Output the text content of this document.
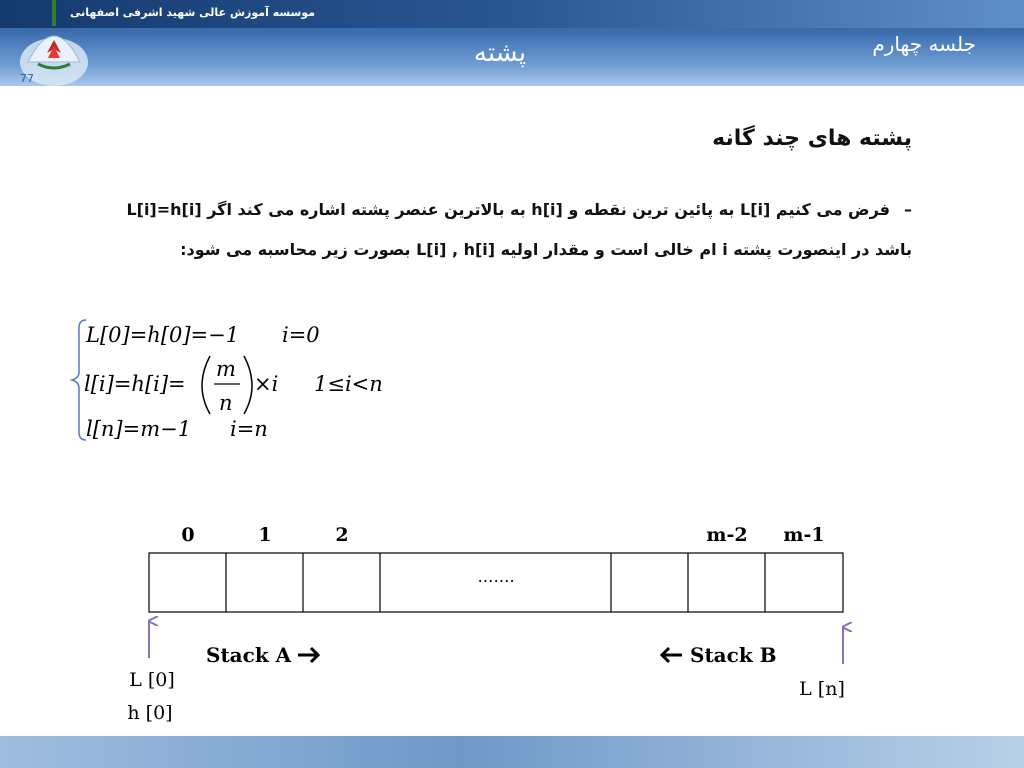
77
موسسه آموزش عالی شهید اشرفی اصفهانی
جلسه چهارم
پشته
پشته های چند گانه
–فرض می کنیم L[i] به پائین ترین نقطه و h[i] به بالاترین عنصر پشته اشاره می کند اگر L[i]=h[i]
باشد در اینصورت پشته i ام خالی است و مقدار اولیه L[i] , h[i] بصورت زیر محاسبه می شود:
L[0]=h[0]=−1 i=0
l[i]=h[i]=
m
n
×i 1≤i<n
l[n]=m−1 i=n
0	1	2	m-2 m-1
…….
Stack A	Stack B
L [0]
h [0]
L [n]
